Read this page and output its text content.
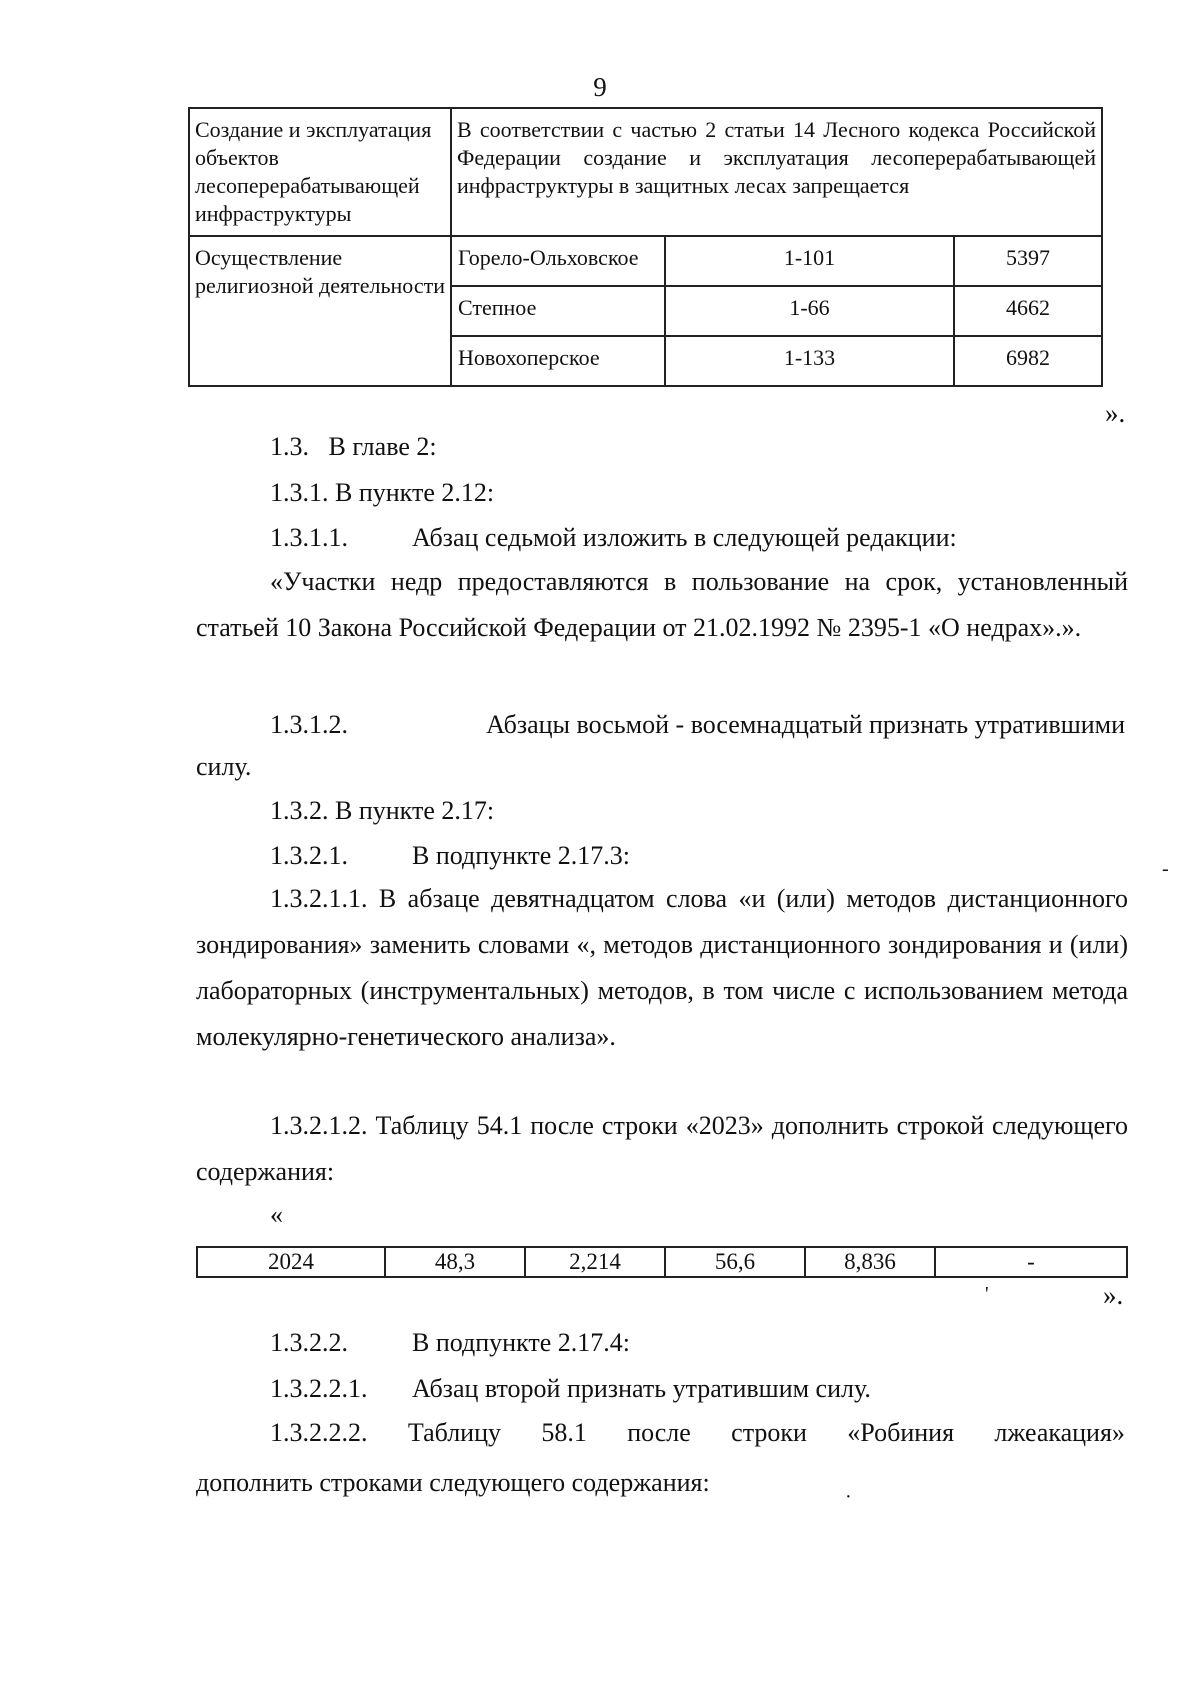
9
Создание и эксплуатация объектов лесоперерабатывающей инфраструктуры	В соответствии с частью 2 статьи 14 Лесного кодекса Российской Федерации создание и эксплуатация лесоперерабатывающей инфраструктуры в защитных лесах запрещается		
Осуществление религиозной деятельности	Горело-Ольховское	1-101	5397
	Степное	1-66	4662
	Новохоперское	1-133	6982
».
1.3.   В главе 2:
1.3.1. В пункте 2.12:
1.3.1.1. Абзац седьмой изложить в следующей редакции:
«Участки недр предоставляются в пользование на срок, установленный статьей 10 Закона Российской Федерации от 21.02.1992 № 2395-1 «О недрах».».
1.3.1.2.	Абзацы восьмой - восемнадцатый признать утратившими
силу.
1.3.2. В пункте 2.17:
1.3.2.1. В подпункте 2.17.3:
1.3.2.1.1. В абзаце девятнадцатом слова «и (или) методов дистанционного зондирования» заменить словами «, методов дистанционного зондирования и (или) лабораторных (инструментальных) методов, в том числе с использованием метода молекулярно-генетического анализа».
1.3.2.1.2. Таблицу 54.1 после строки «2023» дополнить строкой следующего содержания:
«
2024	48,3	2,214	56,6	8,836	-
».
1.3.2.2. В подпункте 2.17.4:
1.3.2.2.1. Абзац второй признать утратившим силу.
1.3.2.2.2. Таблицу 58.1 после строки «Робиния лжеакация»
дополнить строками следующего содержания:
'
-
·
